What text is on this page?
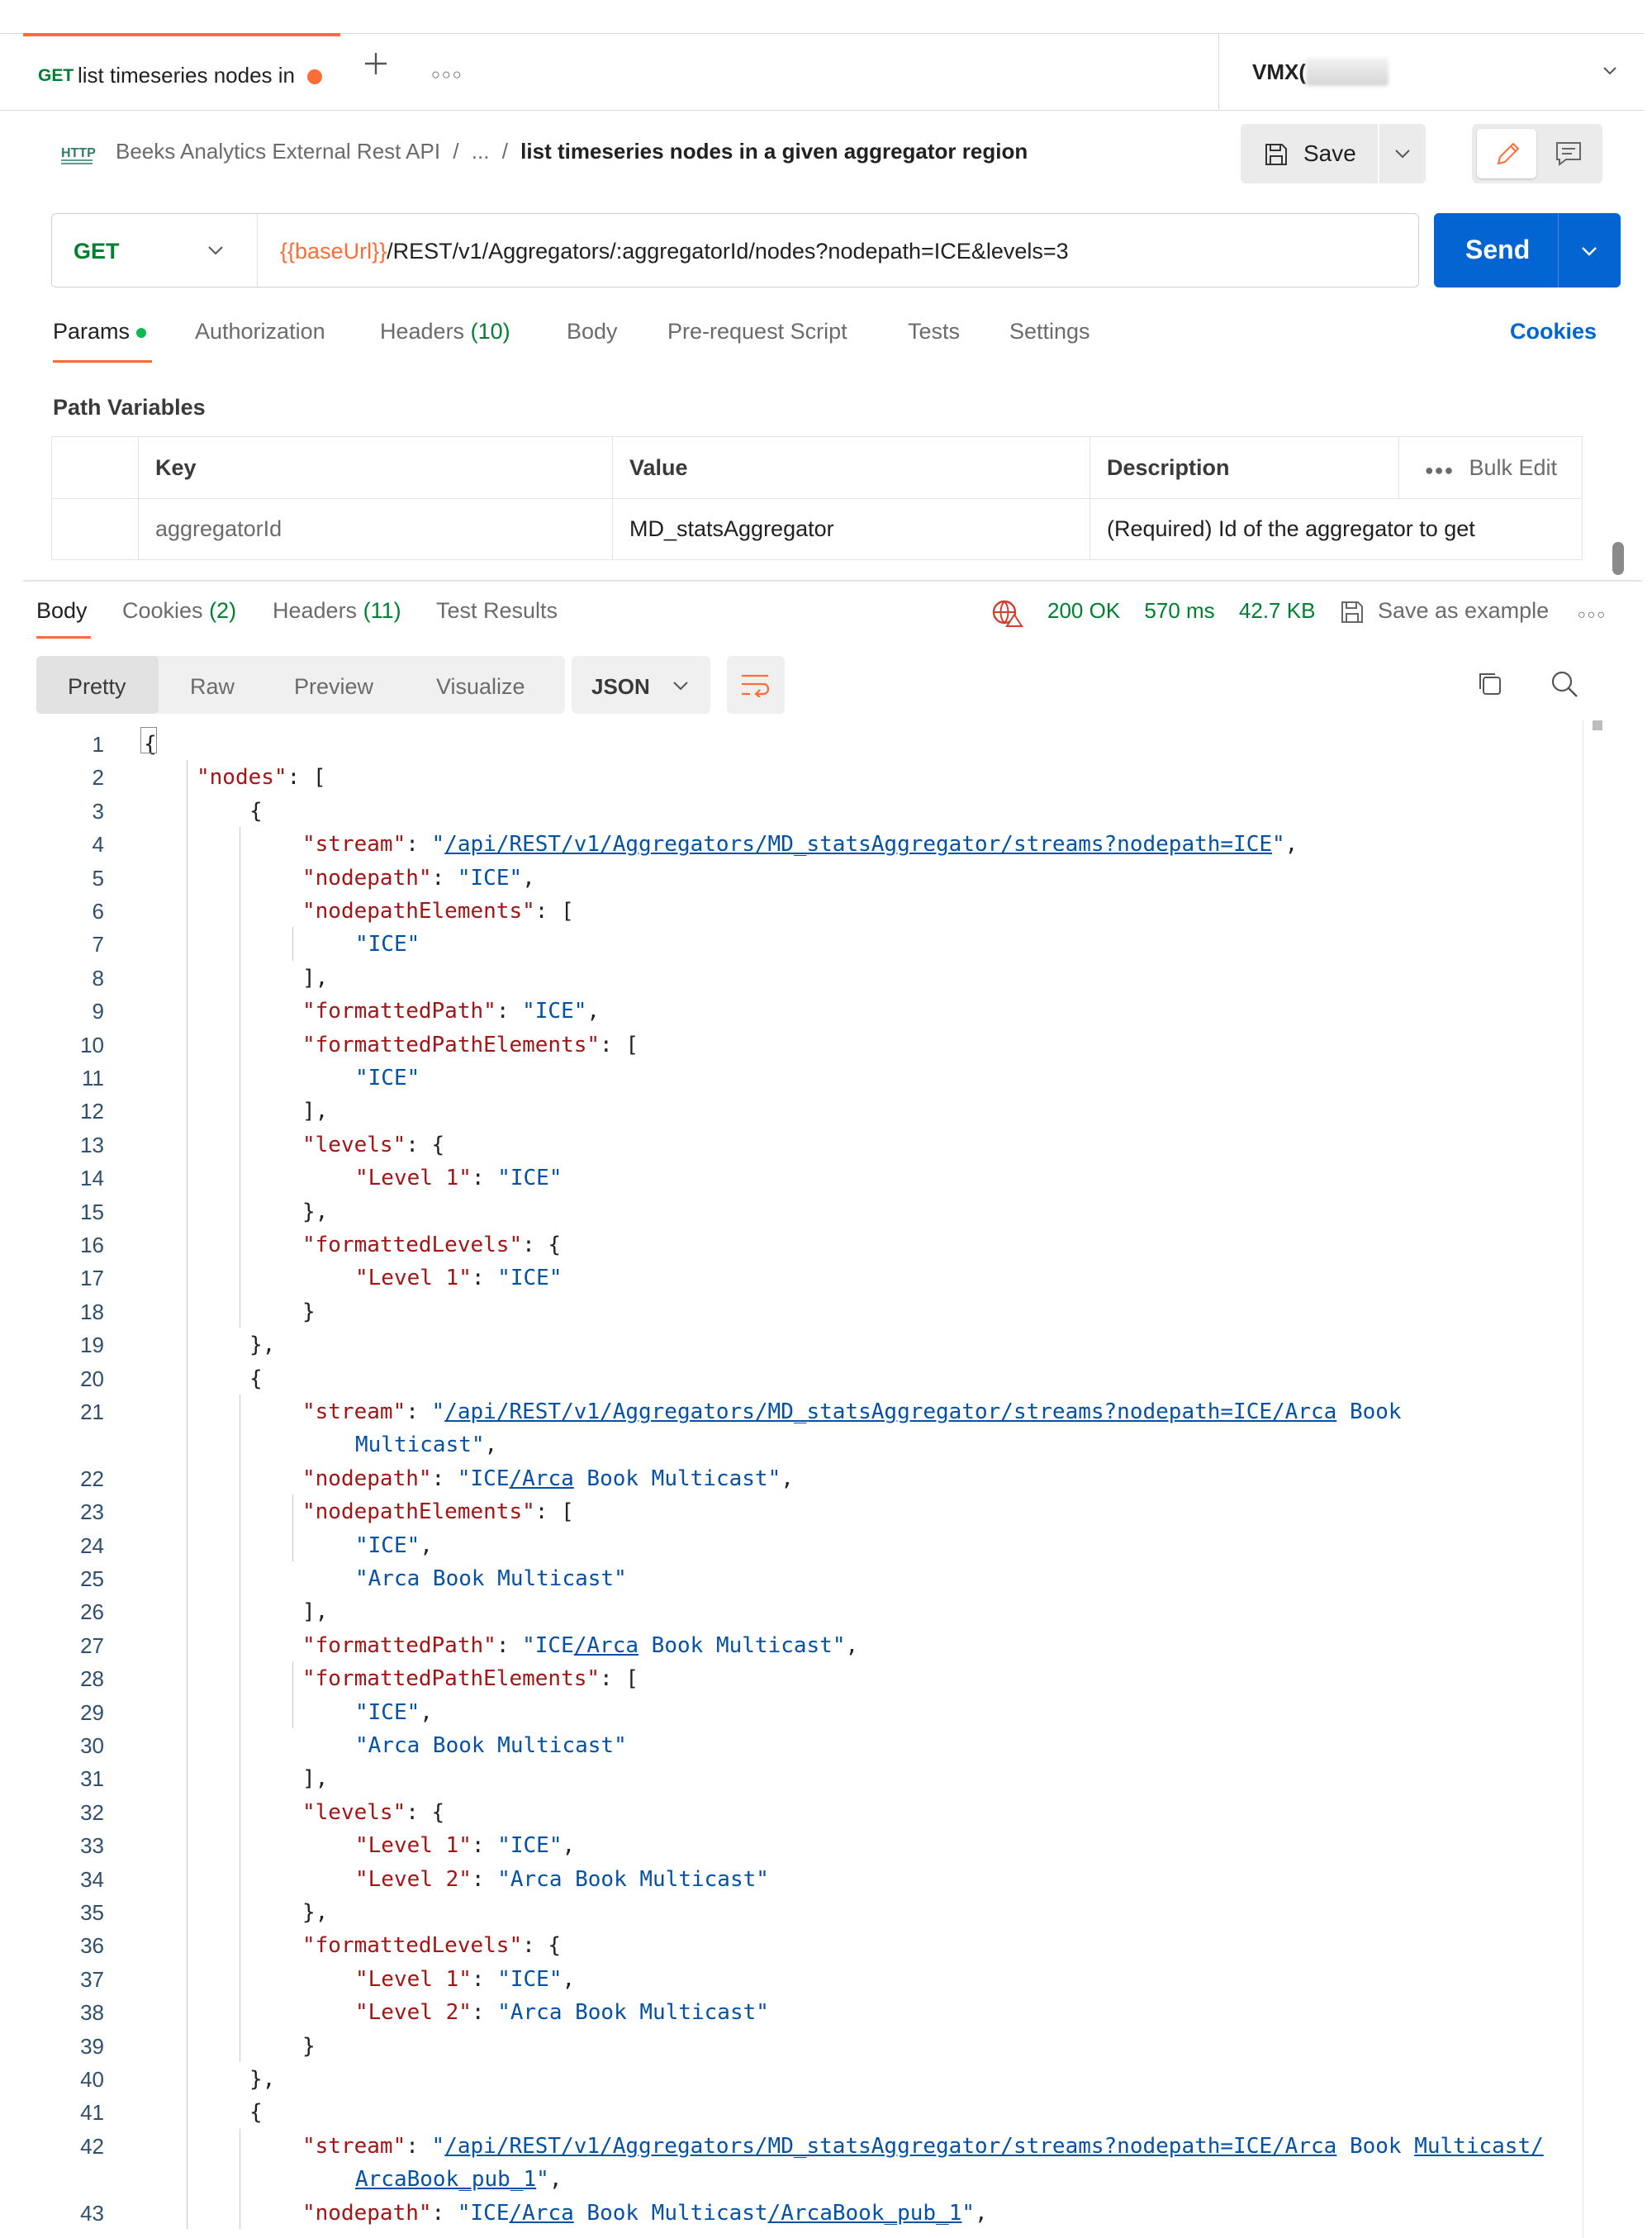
GET list timeseries nodes in	○○○	VMX(
HTTP Beeks Analytics External Rest API / ... / list timeseries nodes in a given aggregator region	Save
GET	{{baseUrl}}/REST/v1/Aggregators/:aggregatorId/nodes?nodepath=ICE&levels=3	Send
Params	Authorization Headers (10)	Body Pre-request Script	Tests Settings	Cookies
Path Variables
Key	Value	Description	●●● Bulk Edit
aggregatorId	MD_statsAggregator	(Required) Id of the aggregator to get
Body Cookies (2) Headers (11) Test Results	200 OK 570 ms 42.7 KB	Save as example ○○○
Pretty	Raw	Preview	Visualize	JSON
1 {
2	"nodes": [
3	{
4	"stream": "/api/REST/v1/Aggregators/MD_statsAggregator/streams?nodepath=ICE",
5	"nodepath": "ICE",
6	"nodepathElements": [
7	"ICE"
8	],
9	"formattedPath": "ICE",
10	"formattedPathElements": [
11	"ICE"
12	],
13	"levels": {
14	"Level 1": "ICE"
15	},
16	"formattedLevels": {
17	"Level 1": "ICE"
18	}
19	},
20	{
21	"stream": "/api/REST/v1/Aggregators/MD_statsAggregator/streams?nodepath=ICE/Arca Book
Multicast",
22	"nodepath": "ICE/Arca Book Multicast",
23	"nodepathElements": [
24	"ICE",
25	"Arca Book Multicast"
26	],
27	"formattedPath": "ICE/Arca Book Multicast",
28	"formattedPathElements": [
29	"ICE",
30	"Arca Book Multicast"
31	],
32	"levels": {
33	"Level 1": "ICE",
34	"Level 2": "Arca Book Multicast"
35	},
36	"formattedLevels": {
37	"Level 1": "ICE",
38	"Level 2": "Arca Book Multicast"
39	}
40	},
41	{
42	"stream": "/api/REST/v1/Aggregators/MD_statsAggregator/streams?nodepath=ICE/Arca Book Multicast/
ArcaBook_pub_1",
43	"nodepath": "ICE/Arca Book Multicast/ArcaBook_pub_1",
